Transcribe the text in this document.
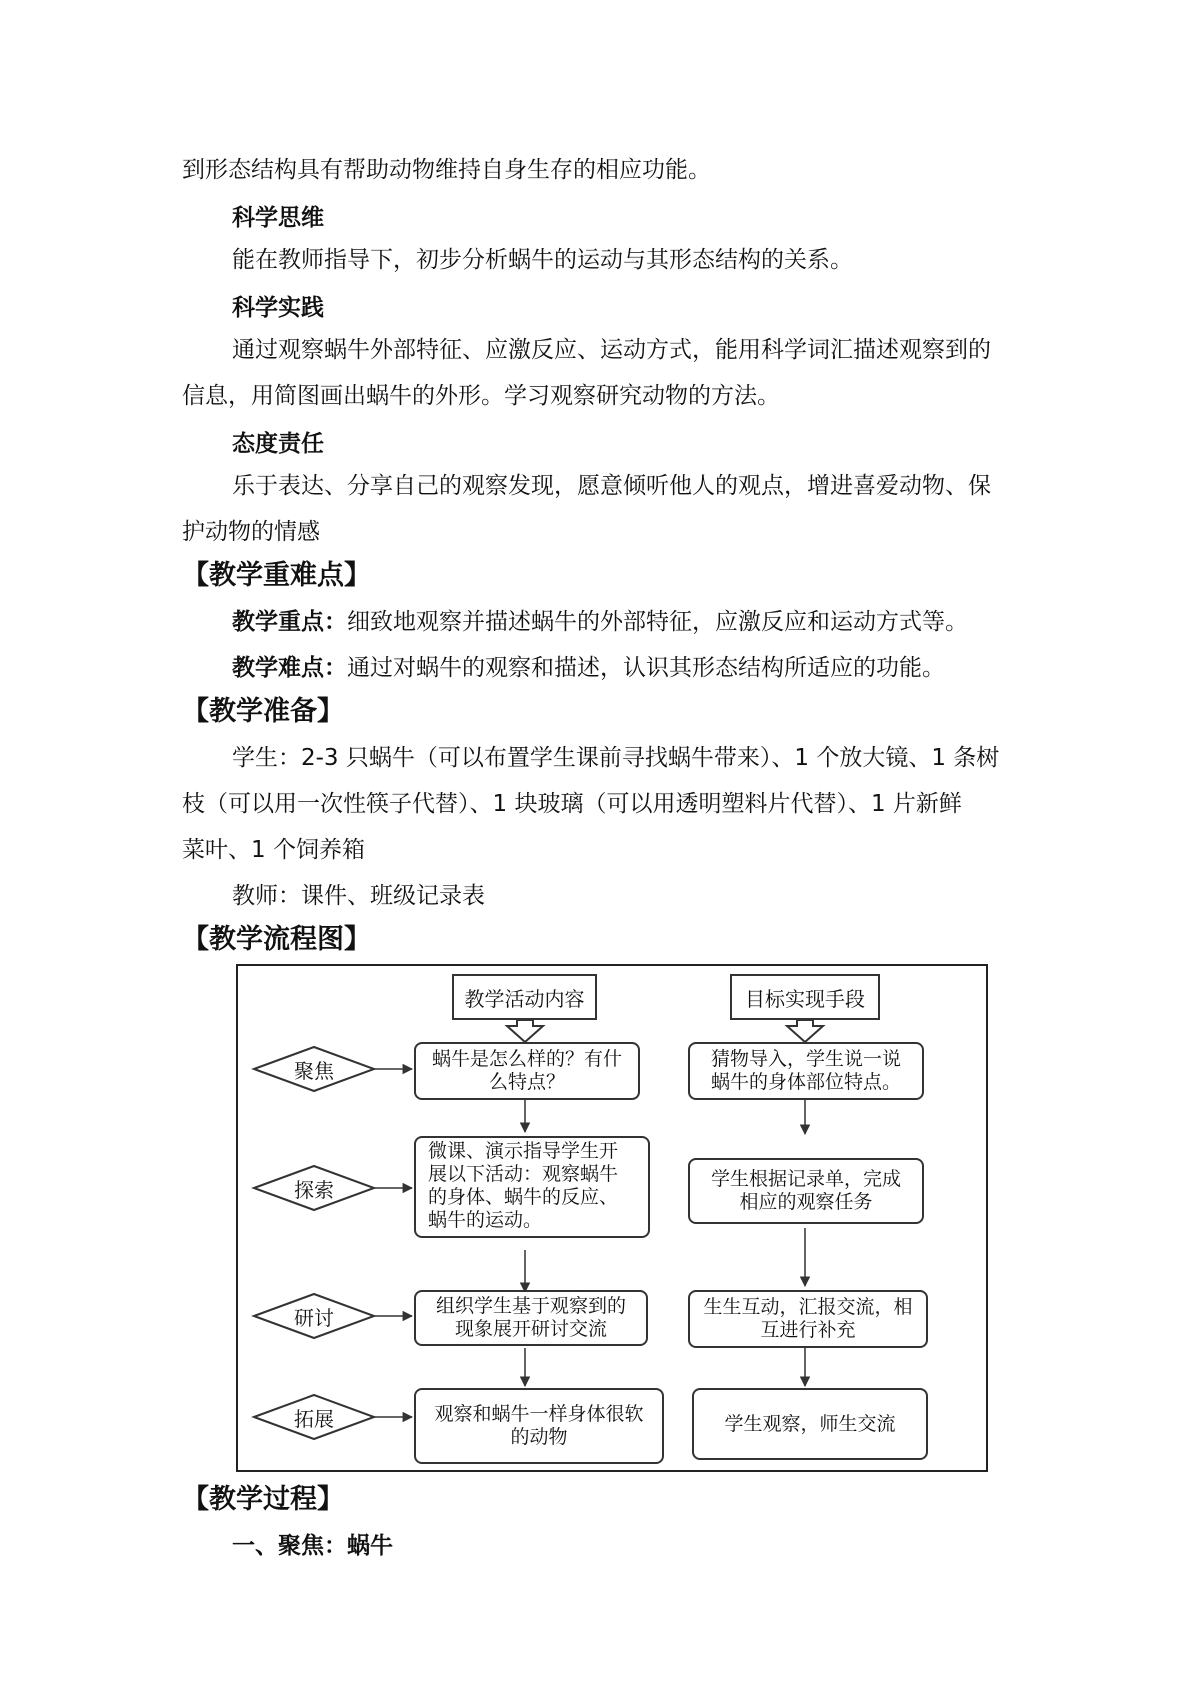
到形态结构具有帮助动物维持自身生存的相应功能。
科学思维
能在教师指导下，初步分析蜗牛的运动与其形态结构的关系。
科学实践
通过观察蜗牛外部特征、应激反应、运动方式，能用科学词汇描述观察到的
信息，用简图画出蜗牛的外形。学习观察研究动物的方法。
态度责任
乐于表达、分享自己的观察发现，愿意倾听他人的观点，增进喜爱动物、保
护动物的情感
【教学重难点】
教学重点：细致地观察并描述蜗牛的外部特征，应激反应和运动方式等。
教学难点：通过对蜗牛的观察和描述，认识其形态结构所适应的功能。
【教学准备】
学生：2-3 只蜗牛（可以布置学生课前寻找蜗牛带来）、1 个放大镜、1 条树
枝（可以用一次性筷子代替）、1 块玻璃（可以用透明塑料片代替）、1 片新鲜
菜叶、1 个饲养箱
教师：课件、班级记录表
【教学流程图】
教学活动内容	目标实现手段
聚焦
探索
研讨
拓展
蜗牛是怎么样的？有什
么特点？
微课、演示指导学生开
展以下活动：观察蜗牛
的身体、蜗牛的反应、
蜗牛的运动。
组织学生基于观察到的
现象展开研讨交流
观察和蜗牛一样身体很软
的动物
猜物导入，学生说一说
蜗牛的身体部位特点。
学生根据记录单，完成
相应的观察任务
生生互动，汇报交流，相
互进行补充
学生观察，师生交流
【教学过程】
一、聚焦：蜗牛
